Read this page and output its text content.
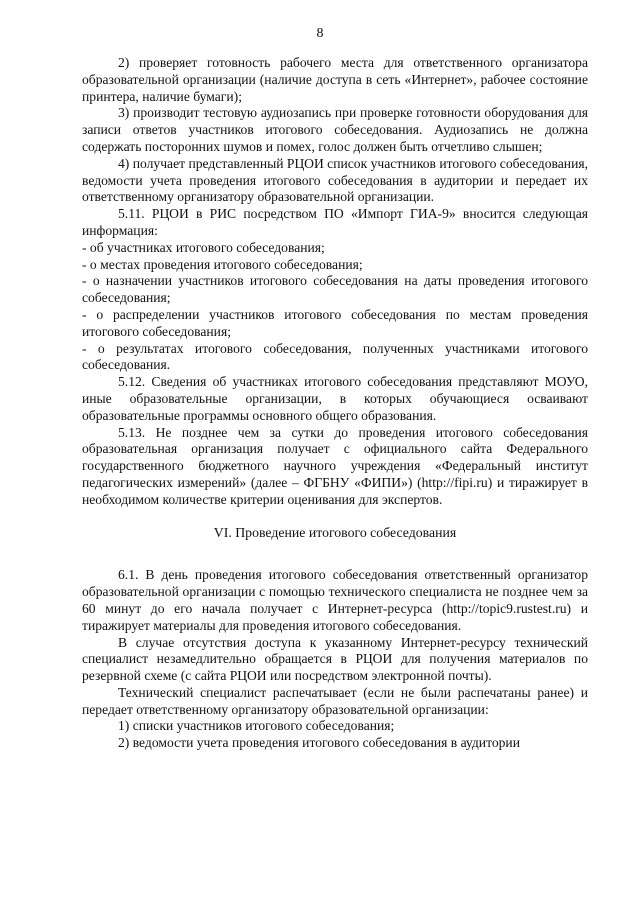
8

2) проверяет готовность рабочего места для ответственного организатора образовательной организации (наличие доступа в сеть «Интернет», рабочее состояние принтера, наличие бумаги);

3) производит тестовую аудиозапись при проверке готовности оборудования для записи ответов участников итогового собеседования. Аудиозапись не должна содержать посторонних шумов и помех, голос должен быть отчетливо слышен;

4) получает представленный РЦОИ список участников итогового собеседования, ведомости учета проведения итогового собеседования в аудитории и передает их ответственному организатору образовательной организации.

5.11. РЦОИ в РИС посредством ПО «Импорт ГИА-9» вносится следующая информация:

- об участниках итогового собеседования;

- о местах проведения итогового собеседования;

- о назначении участников итогового собеседования на даты проведения итогового собеседования;

- о распределении участников итогового собеседования по местам проведения итогового собеседования;

- о результатах итогового собеседования, полученных участниками итогового собеседования.

5.12. Сведения об участниках итогового собеседования представляют МОУО, иные образовательные организации, в которых обучающиеся осваивают образовательные программы основного общего образования.

5.13. Не позднее чем за сутки до проведения итогового собеседования образовательная организация получает с официального сайта Федерального государственного бюджетного научного учреждения «Федеральный институт педагогических измерений» (далее – ФГБНУ «ФИПИ») (http://fipi.ru) и тиражирует в необходимом количестве критерии оценивания для экспертов.

VI. Проведение итогового собеседования

6.1. В день проведения итогового собеседования ответственный организатор образовательной организации с помощью технического специалиста не позднее чем за 60 минут до его начала получает с Интернет-ресурса (http://topic9.rustest.ru) и тиражирует материалы для проведения итогового собеседования.

В случае отсутствия доступа к указанному Интернет-ресурсу технический специалист незамедлительно обращается в РЦОИ для получения материалов по резервной схеме (с сайта РЦОИ или посредством электронной почты).

Технический специалист распечатывает (если не были распечатаны ранее) и передает ответственному организатору образовательной организации:

1) списки участников итогового собеседования;

2) ведомости учета проведения итогового собеседования в аудитории
